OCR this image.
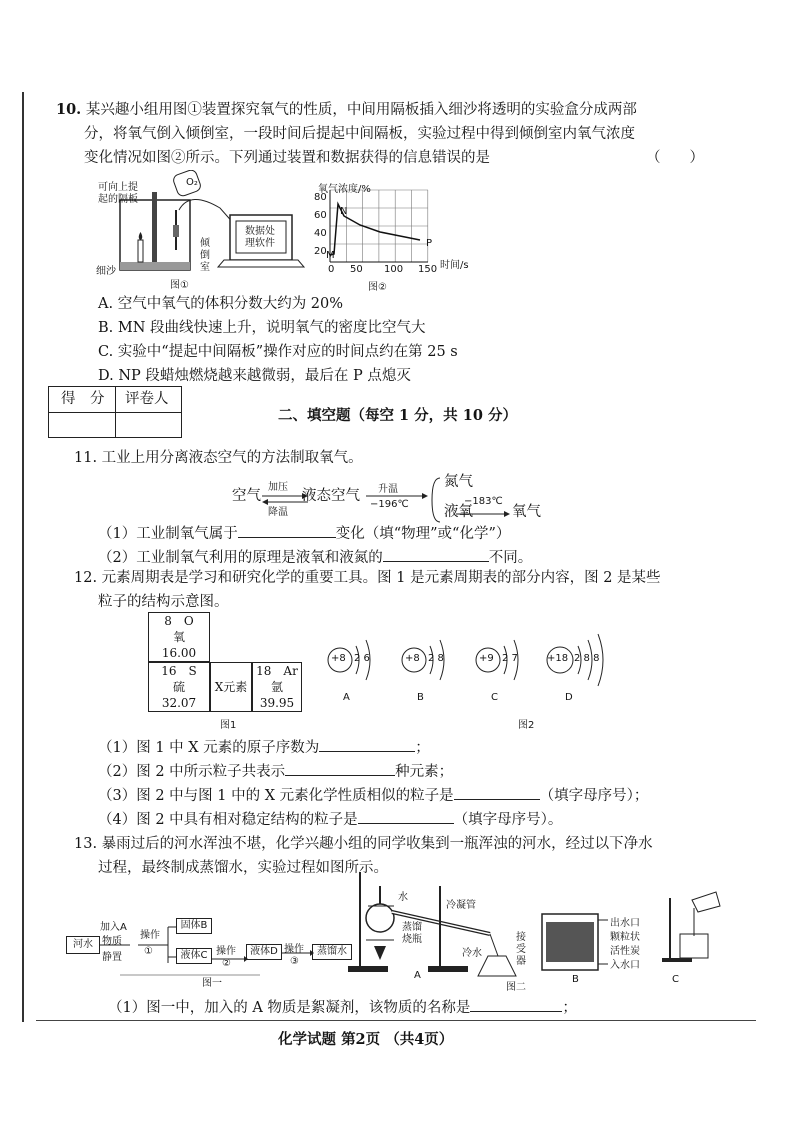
10. 某兴趣小组用图①装置探究氧气的性质，中间用隔板插入细沙将透明的实验盒分成两部
分，将氧气倒入倾倒室，一段时间后提起中间隔板，实验过程中得到倾倒室内氧气浓度
变化情况如图②所示。下列通过装置和数据获得的信息错误的是	（　　）
可向上提
起的隔板
O₂
数据处
理软件
倾
倒
室
细沙
图①
氧气浓度/%
80
60
40
20
N
M
P
0 50 100 150 时间/s
图②
A. 空气中氧气的体积分数大约为 20%
B. MN 段曲线快速上升，说明氧气的密度比空气大
C. 实验中“提起中间隔板”操作对应的时间点约在第 25 s
D. NP 段蜡烛燃烧越来越微弱，最后在 P 点熄灭
得　分 评卷人
二、填空题（每空 1 分，共 10 分）
11. 工业上用分离液态空气的方法制取氧气。
空气
加压
降温
液态空气 升温
−196℃
氮气
液氧
−183℃
氧气
（1）工业制氧气属于	变化（填“物理”或“化学”）
（2）工业制氧气利用的原理是液氧和液氮的	不同。
12. 元素周期表是学习和研究化学的重要工具。图 1 是元素周期表的部分内容，图 2 是某些
粒子的结构示意图。
8　O
氧
16.00
16　S
硫
32.07
X元素
18　Ar
氩
39.95
图1
+8 2 6
A
+8 2 8
B
+9 2 7
C
+18 2 8 8
D
图2
（1）图 1 中 X 元素的原子序数为	；
（2）图 2 中所示粒子共表示	种元素；
（3）图 2 中与图 1 中的 X 元素化学性质相似的粒子是	（填字母序号）；
（4）图 2 中具有相对稳定结构的粒子是	（填字母序号）。
13. 暴雨过后的河水浑浊不堪，化学兴趣小组的同学收集到一瓶浑浊的河水，经过以下净水
过程，最终制成蒸馏水，实验过程如图所示。
河水
加入A
物质
静置
操作
①
固体B
液体C 操作
②
液体D 操作
③
蒸馏水
图一
水
冷凝管
蒸馏
烧瓶	接
受
器
冷水
A
图二
出水口
颗粒状
活性炭
入水口
B	C
（1）图一中，加入的 A 物质是絮凝剂，该物质的名称是	；
化学试题 第2页 （共4页）
